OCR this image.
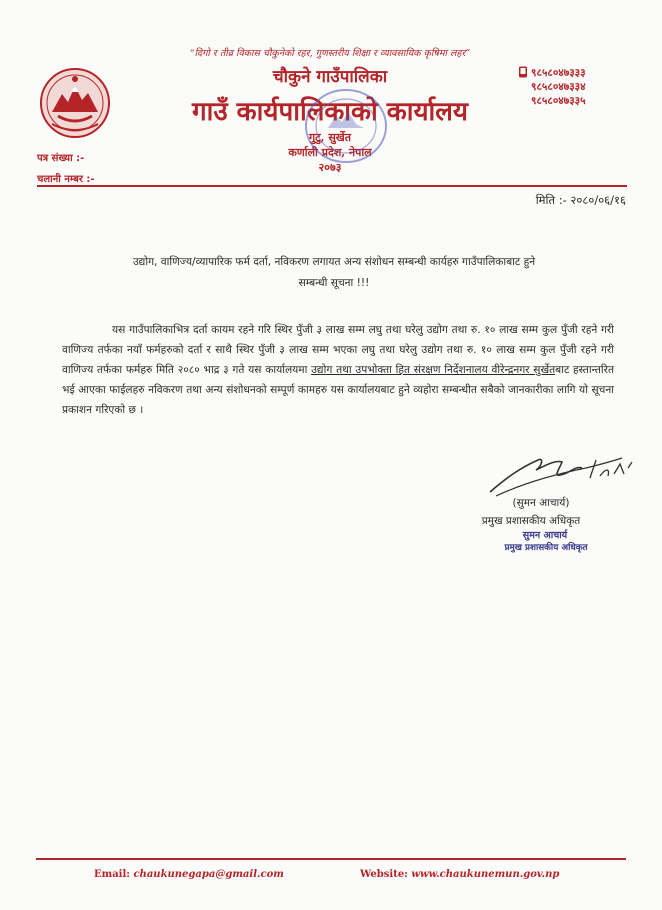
“दिगो र तीव्र विकास चौकुनेको रहर, गुणस्तरीय शिक्षा र व्यावसायिक कृषिमा लहर”
चौकुने गाउँपालिका
गाउँ कार्यपालिकाको कार्यालय
गुटु, सुर्खेत
कर्णाली प्रदेश, नेपाल
२०७३
९८५८०४७३३३
९८५८०४७३३४
९८५८०४७३३५
पत्र संख्या :-
चलानी नम्बर :-
मिति :- २०८०/०६/१६
उद्योग, वाणिज्य/व्यापारिक फर्म दर्ता, नविकरण लगायत अन्य संशोधन सम्बन्धी कार्यहरु गाउँपालिकाबाट हुने
सम्बन्धी सूचना !!!
यस गाउँपालिकाभित्र दर्ता कायम रहने गरि स्थिर पुँजी ३ लाख सम्म लघु तथा घरेलु उद्योग तथा रु. १० लाख सम्म कुल पुँजी रहने गरी वाणिज्य तर्फका नयाँ फर्महरुको दर्ता र साथै स्थिर पुँजी ३ लाख सम्म भएका लघु तथा घरेलु उद्योग तथा रु. १० लाख सम्म कुल पुँजी रहने गरी वाणिज्य तर्फका फर्महरु मिति २०८० भाद्र ३ गते यस कार्यालयमा उद्योग तथा उपभोक्ता हित संरक्षण निर्देशनालय वीरेन्द्रनगर सुर्खेतबाट हस्तान्तरित भई आएका फाईलहरु नविकरण तथा अन्य संशोधनको सम्पूर्ण कामहरु यस कार्यालयबाट हुने व्यहोरा सम्बन्धीत सबैको जानकारीका लागि यो सूचना प्रकाशन गरिएको छ ।
(सुमन आचार्य)
प्रमुख प्रशासकीय अधिकृत
सुमन आचार्य
प्रमुख प्रशासकीय अधिकृत
Email: chaukunegapa@gmail.com	Website: www.chaukunemun.gov.np
